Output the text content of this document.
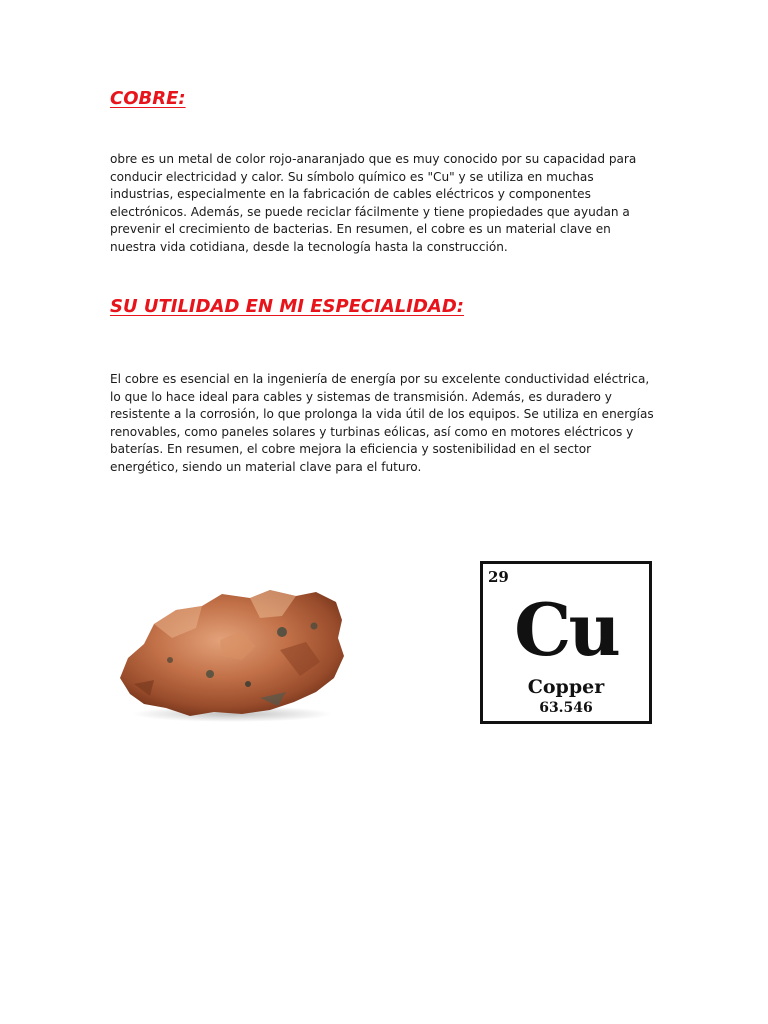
COBRE:

obre es un metal de color rojo-anaranjado que es muy conocido por su capacidad para conducir electricidad y calor. Su símbolo químico es "Cu" y se utiliza en muchas industrias, especialmente en la fabricación de cables eléctricos y componentes electrónicos. Además, se puede reciclar fácilmente y tiene propiedades que ayudan a prevenir el crecimiento de bacterias. En resumen, el cobre es un material clave en nuestra vida cotidiana, desde la tecnología hasta la construcción.

SU UTILIDAD EN MI ESPECIALIDAD:

El cobre es esencial en la ingeniería de energía por su excelente conductividad eléctrica, lo que lo hace ideal para cables y sistemas de transmisión. Además, es duradero y resistente a la corrosión, lo que prolonga la vida útil de los equipos. Se utiliza en energías renovables, como paneles solares y turbinas eólicas, así como en motores eléctricos y baterías. En resumen, el cobre mejora la eficiencia y sostenibilidad en el sector energético, siendo un material clave para el futuro.

29
Cu
Copper
63.546
